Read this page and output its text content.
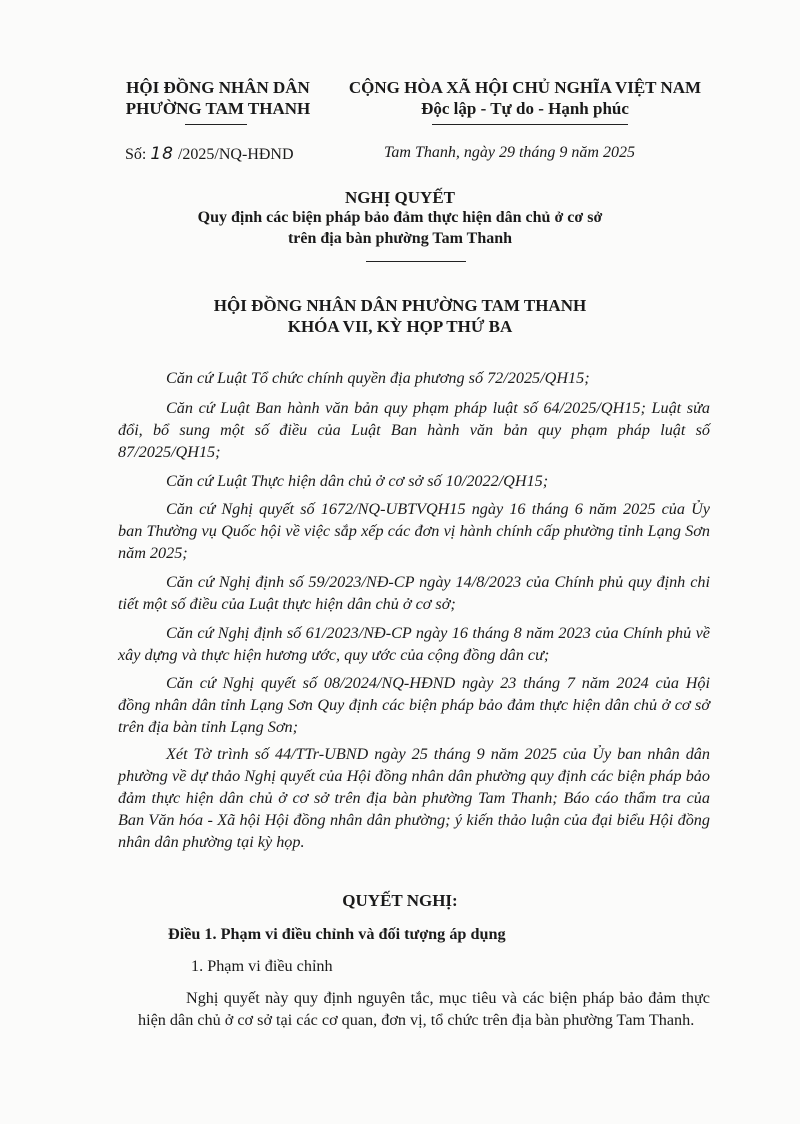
HỘI ĐỒNG NHÂN DÂN
PHƯỜNG TAM THANH
CỘNG HÒA XÃ HỘI CHỦ NGHĨA VIỆT NAM
Độc lập - Tự do - Hạnh phúc
Số: 18 /2025/NQ-HĐND	Tam Thanh, ngày 29 tháng 9 năm 2025
NGHỊ QUYẾT
Quy định các biện pháp bảo đảm thực hiện dân chủ ở cơ sở
trên địa bàn phường Tam Thanh
HỘI ĐỒNG NHÂN DÂN PHƯỜNG TAM THANH
KHÓA VII, KỲ HỌP THỨ BA
Căn cứ Luật Tổ chức chính quyền địa phương số 72/2025/QH15;
Căn cứ Luật Ban hành văn bản quy phạm pháp luật số 64/2025/QH15; Luật sửa đổi, bổ sung một số điều của Luật Ban hành văn bản quy phạm pháp luật số 87/2025/QH15;
Căn cứ Luật Thực hiện dân chủ ở cơ sở số 10/2022/QH15;
Căn cứ Nghị quyết số 1672/NQ-UBTVQH15 ngày 16 tháng 6 năm 2025 của Ủy ban Thường vụ Quốc hội về việc sắp xếp các đơn vị hành chính cấp phường tỉnh Lạng Sơn năm 2025;
Căn cứ Nghị định số 59/2023/NĐ-CP ngày 14/8/2023 của Chính phủ quy định chi tiết một số điều của Luật thực hiện dân chủ ở cơ sở;
Căn cứ Nghị định số 61/2023/NĐ-CP ngày 16 tháng 8 năm 2023 của Chính phủ về xây dựng và thực hiện hương ước, quy ước của cộng đồng dân cư;
Căn cứ Nghị quyết số 08/2024/NQ-HĐND ngày 23 tháng 7 năm 2024 của Hội đồng nhân dân tỉnh Lạng Sơn Quy định các biện pháp bảo đảm thực hiện dân chủ ở cơ sở trên địa bàn tỉnh Lạng Sơn;
Xét Tờ trình số 44/TTr-UBND ngày 25 tháng 9 năm 2025 của Ủy ban nhân dân phường về dự thảo Nghị quyết của Hội đồng nhân dân phường quy định các biện pháp bảo đảm thực hiện dân chủ ở cơ sở trên địa bàn phường Tam Thanh; Báo cáo thẩm tra của Ban Văn hóa - Xã hội Hội đồng nhân dân phường; ý kiến thảo luận của đại biểu Hội đồng nhân dân phường tại kỳ họp.
QUYẾT NGHỊ:
Điều 1. Phạm vi điều chỉnh và đối tượng áp dụng
1. Phạm vi điều chỉnh
Nghị quyết này quy định nguyên tắc, mục tiêu và các biện pháp bảo đảm thực hiện dân chủ ở cơ sở tại các cơ quan, đơn vị, tổ chức trên địa bàn phường Tam Thanh.
